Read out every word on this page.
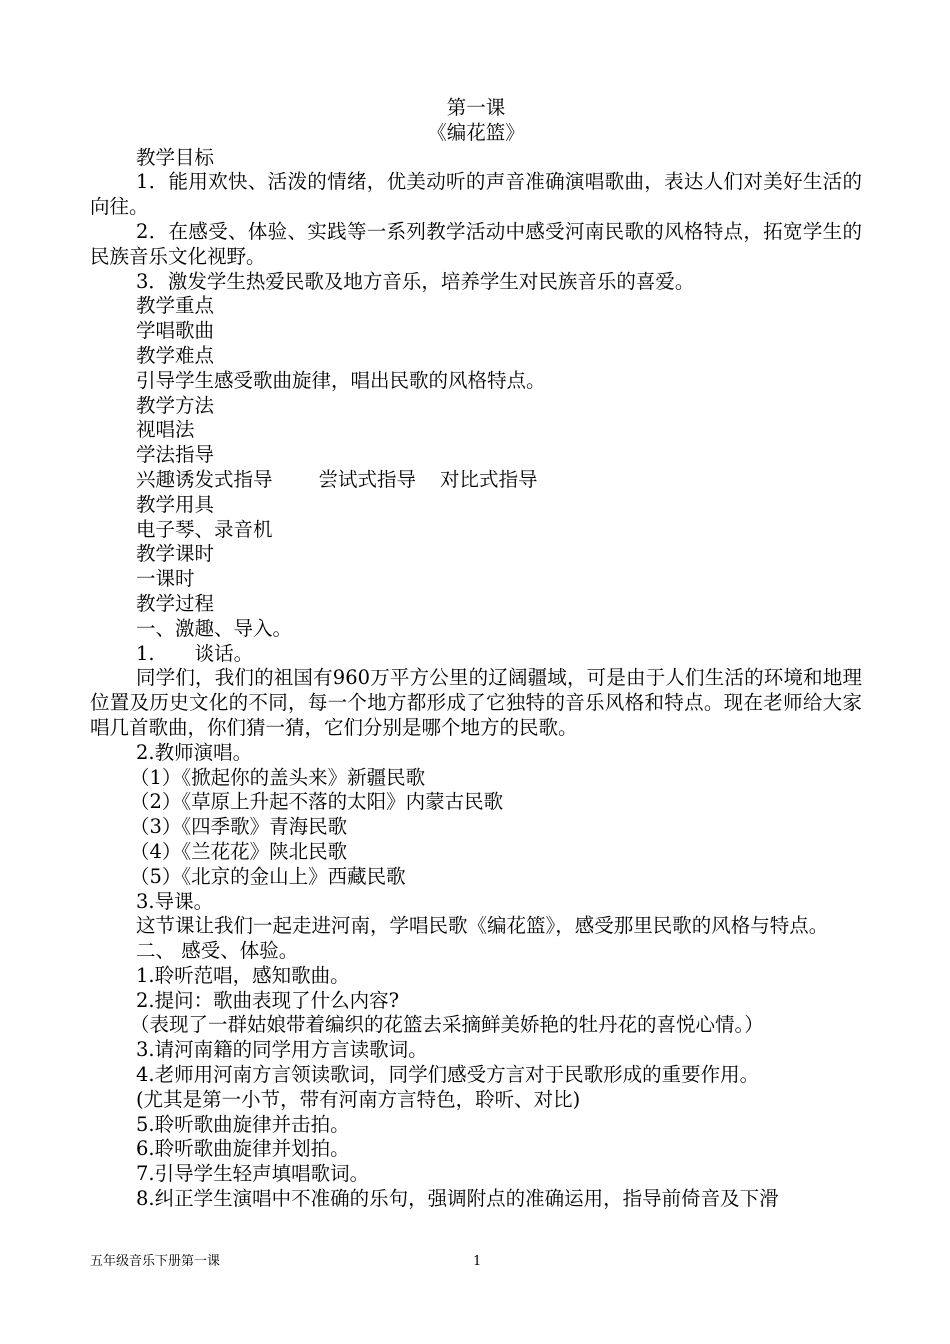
第一课
《编花篮》
教学目标
1．能用欢快、活泼的情绪，优美动听的声音准确演唱歌曲，表达人们对美好生活的向往。
2．在感受、体验、实践等一系列教学活动中感受河南民歌的风格特点，拓宽学生的民族音乐文化视野。
3．激发学生热爱民歌及地方音乐，培养学生对民族音乐的喜爱。
教学重点
学唱歌曲
教学难点
引导学生感受歌曲旋律，唱出民歌的风格特点。
教学方法
视唱法
学法指导
兴趣诱发式指导 尝试式指导 对比式指导
教学用具
电子琴、录音机
教学课时
一课时
教学过程
一、激趣、导入。
1. 谈话。
同学们，我们的祖国有960万平方公里的辽阔疆域，可是由于人们生活的环境和地理位置及历史文化的不同，每一个地方都形成了它独特的音乐风格和特点。现在老师给大家唱几首歌曲，你们猜一猜，它们分别是哪个地方的民歌。
2.教师演唱。
（1）《掀起你的盖头来》新疆民歌
（2）《草原上升起不落的太阳》内蒙古民歌
（3）《四季歌》青海民歌
（4）《兰花花》陕北民歌
（5）《北京的金山上》西藏民歌
3.导课。
这节课让我们一起走进河南，学唱民歌《编花篮》，感受那里民歌的风格与特点。
二、 感受、体验。
1.聆听范唱，感知歌曲。
2.提问：歌曲表现了什么内容?
（表现了一群姑娘带着编织的花篮去采摘鲜美娇艳的牡丹花的喜悦心情。）
3.请河南籍的同学用方言读歌词。
4.老师用河南方言领读歌词，同学们感受方言对于民歌形成的重要作用。
(尤其是第一小节，带有河南方言特色，聆听、对比)
5.聆听歌曲旋律并击拍。
6.聆听歌曲旋律并划拍。
7.引导学生轻声填唱歌词。
8.纠正学生演唱中不准确的乐句，强调附点的准确运用，指导前倚音及下滑
五年级音乐下册第一课	1
